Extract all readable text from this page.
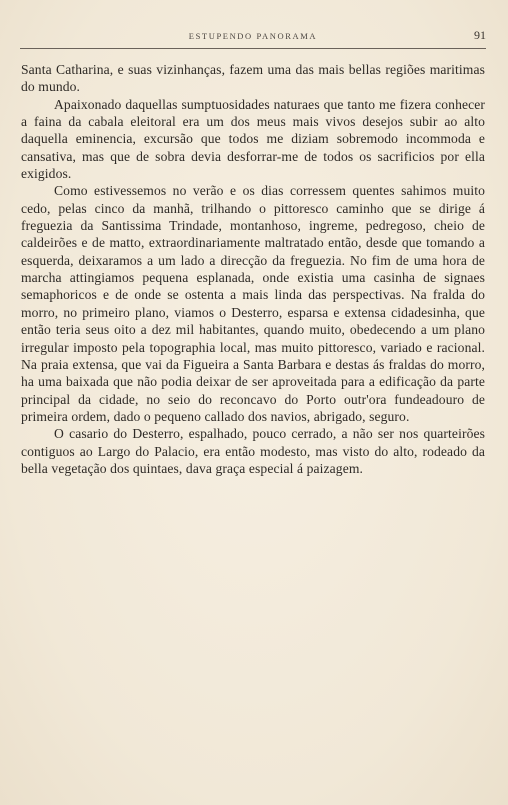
ESTUPENDO PANORAMA	91

Santa Catharina, e suas vizinhanças, fazem uma das mais bellas regiões maritimas do mundo.

Apaixonado daquellas sumptuosidades naturaes que tanto me fizera conhecer a faina da cabala eleitoral era um dos meus mais vivos desejos subir ao alto daquella eminencia, excursão que todos me diziam sobremodo incommoda e cansativa, mas que de sobra devia desforrar-me de todos os sacrificios por ella exigidos.

Como estivessemos no verão e os dias corressem quentes sahimos muito cedo, pelas cinco da manhã, trilhando o pittoresco caminho que se dirige á freguezia da Santissima Trindade, montanhoso, ingreme, pedregoso, cheio de caldeirões e de matto, extraordinariamente maltratado então, desde que tomando a esquerda, deixaramos a um lado a direcção da freguezia. No fim de uma hora de marcha attingiamos pequena esplanada, onde existia uma casinha de signaes semaphoricos e de onde se ostenta a mais linda das perspectivas. Na fralda do morro, no primeiro plano, viamos o Desterro, esparsa e extensa cidadesinha, que então teria seus oito a dez mil habitantes, quando muito, obedecendo a um plano irregular imposto pela topographia local, mas muito pittoresco, variado e racional. Na praia extensa, que vai da Figueira a Santa Barbara e destas ás fraldas do morro, ha uma baixada que não podia deixar de ser aproveitada para a edificação da parte principal da cidade, no seio do reconcavo do Porto outr'ora fundeadouro de primeira ordem, dado o pequeno callado dos navios, abrigado, seguro.

O casario do Desterro, espalhado, pouco cerrado, a não ser nos quarteirões contiguos ao Largo do Palacio, era então modesto, mas visto do alto, rodeado da bella vegetação dos quintaes, dava graça especial á paizagem.
